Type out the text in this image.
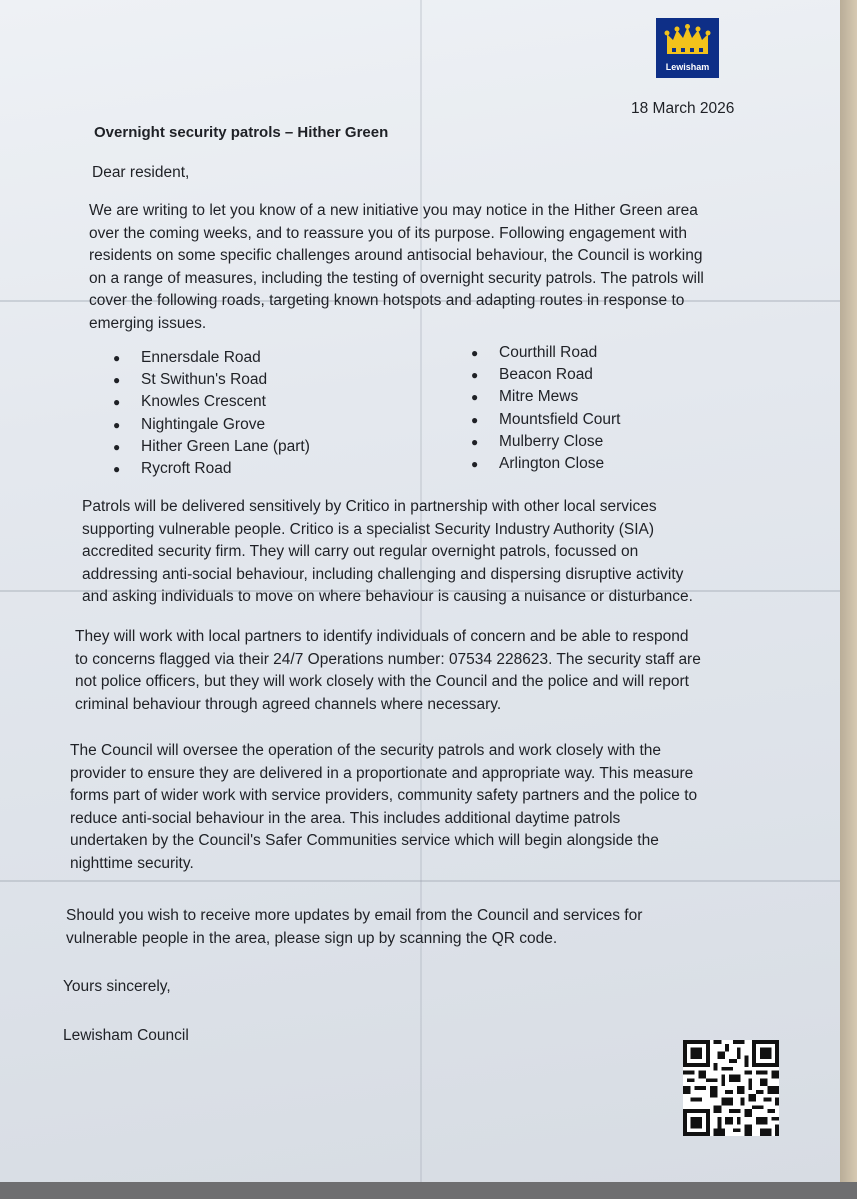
Lewisham
18 March 2026
Overnight security patrols – Hither Green
Dear resident,
We are writing to let you know of a new initiative you may notice in the Hither Green area
over the coming weeks, and to reassure you of its purpose. Following engagement with
residents on some specific challenges around antisocial behaviour, the Council is working
on a range of measures, including the testing of overnight security patrols. The patrols will
cover the following roads, targeting known hotspots and adapting routes in response to
emerging issues.
● Ennersdale Road
● St Swithun's Road
● Knowles Crescent
● Nightingale Grove
● Hither Green Lane (part)
● Rycroft Road
● Courthill Road
● Beacon Road
● Mitre Mews
● Mountsfield Court
● Mulberry Close
● Arlington Close
Patrols will be delivered sensitively by Critico in partnership with other local services
supporting vulnerable people. Critico is a specialist Security Industry Authority (SIA)
accredited security firm. They will carry out regular overnight patrols, focussed on
addressing anti-social behaviour, including challenging and dispersing disruptive activity
and asking individuals to move on where behaviour is causing a nuisance or disturbance.
They will work with local partners to identify individuals of concern and be able to respond
to concerns flagged via their 24/7 Operations number: 07534 228623. The security staff are
not police officers, but they will work closely with the Council and the police and will report
criminal behaviour through agreed channels where necessary.
The Council will oversee the operation of the security patrols and work closely with the
provider to ensure they are delivered in a proportionate and appropriate way. This measure
forms part of wider work with service providers, community safety partners and the police to
reduce anti-social behaviour in the area. This includes additional daytime patrols
undertaken by the Council's Safer Communities service which will begin alongside the
nighttime security.
Should you wish to receive more updates by email from the Council and services for
vulnerable people in the area, please sign up by scanning the QR code.
Yours sincerely,
Lewisham Council
